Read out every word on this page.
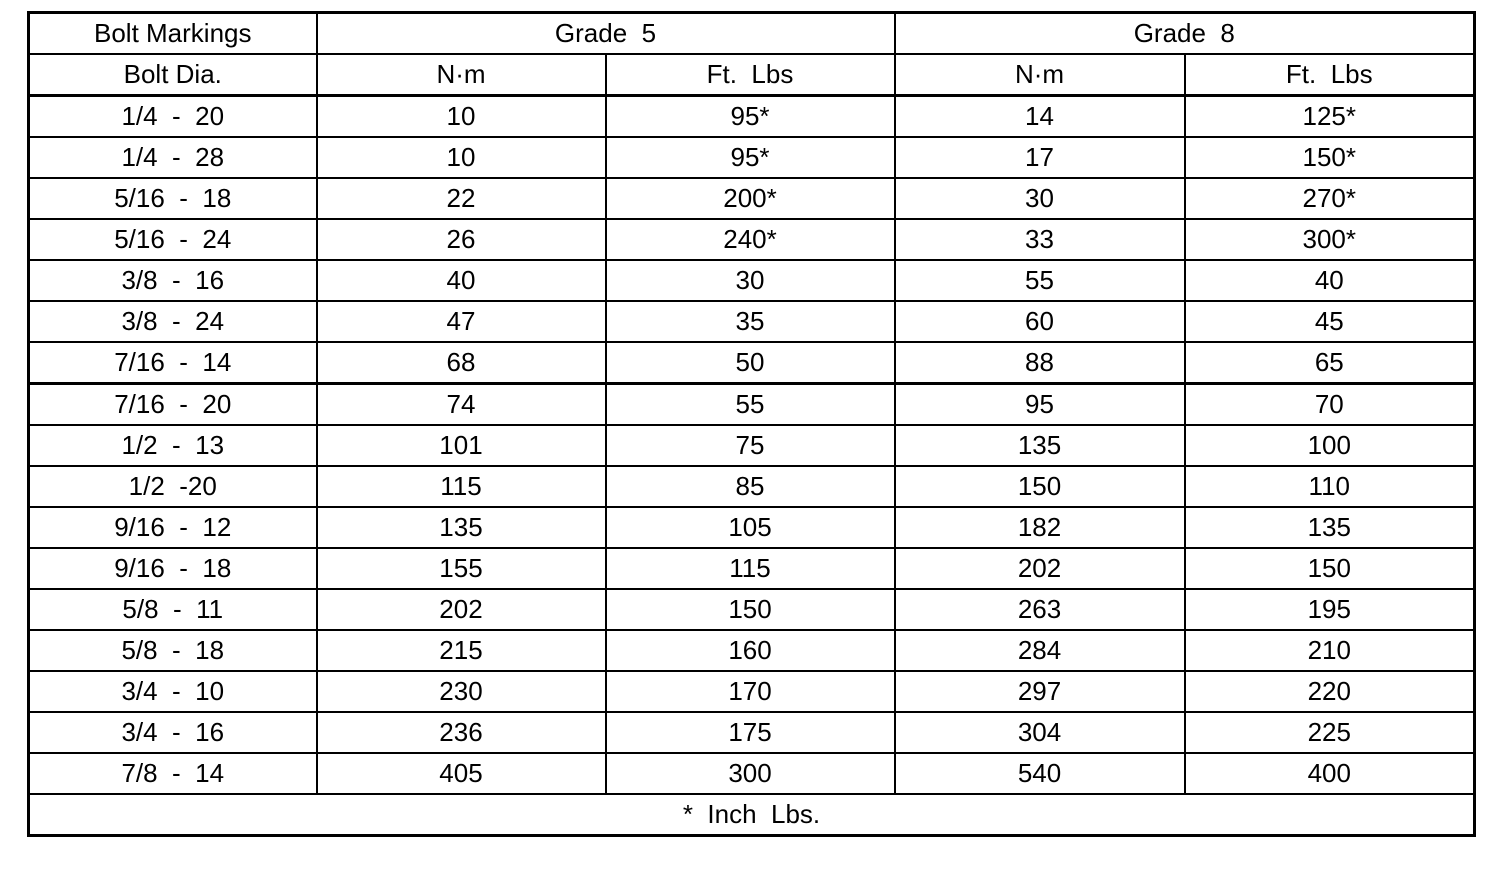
Bolt Markings	Grade  5		Grade  8	
Bolt Dia.	N·m	Ft.  Lbs	N·m	Ft.  Lbs
1/4  -  20	10	95*	14	125*
1/4  -  28	10	95*	17	150*
5/16  -  18	22	200*	30	270*
5/16  -  24	26	240*	33	300*
3/8  -  16	40	30	55	40
3/8  -  24	47	35	60	45
7/16  -  14	68	50	88	65
7/16  -  20	74	55	95	70
1/2  -  13	101	75	135	100
1/2  -20	115	85	150	110
9/16  -  12	135	105	182	135
9/16  -  18	155	115	202	150
5/8  -  11	202	150	263	195
5/8  -  18	215	160	284	210
3/4  -  10	230	170	297	220
3/4  -  16	236	175	304	225
7/8  -  14	405	300	540	400
*  Inch  Lbs.				
